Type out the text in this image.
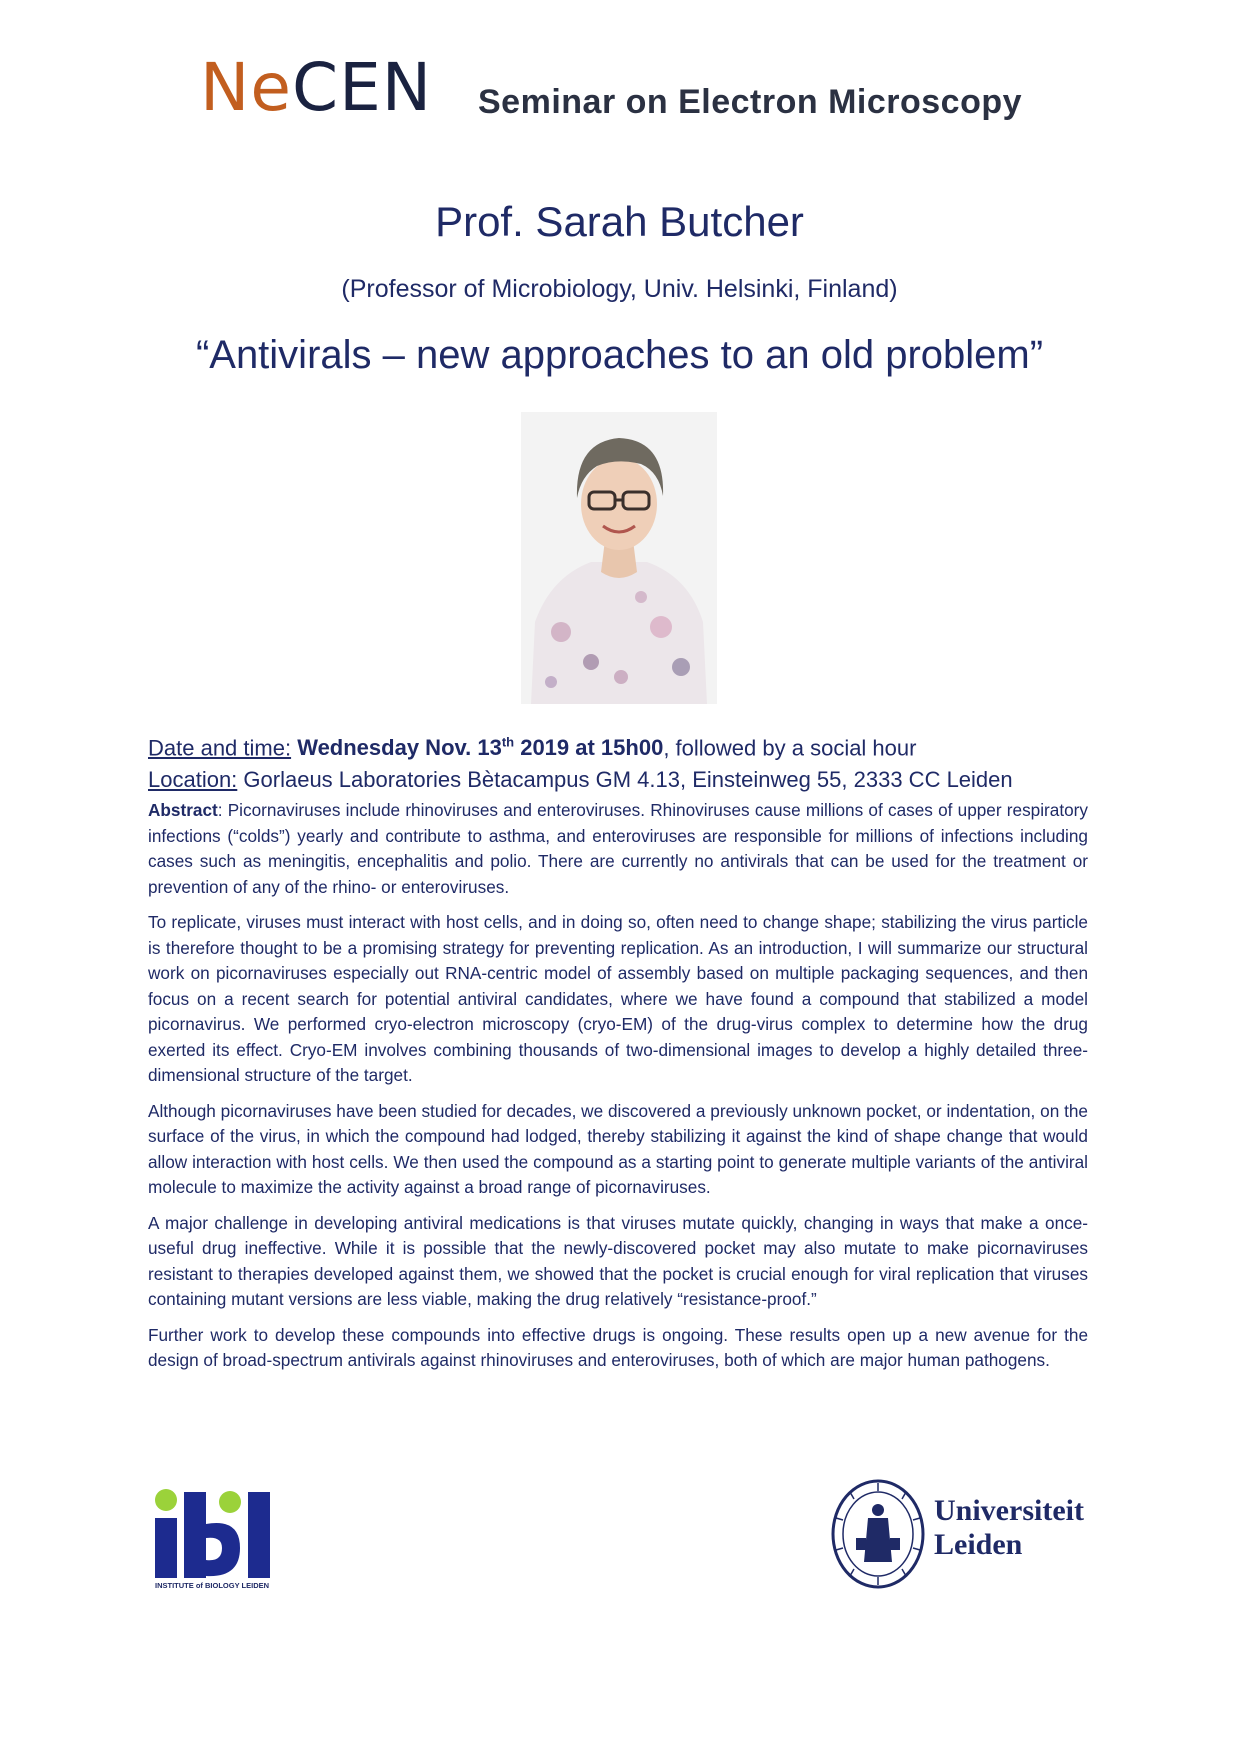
NeCEN Seminar on Electron Microscopy
Prof. Sarah Butcher
(Professor of Microbiology, Univ. Helsinki, Finland)
“Antivirals – new approaches to an old problem”
Date and time: Wednesday Nov. 13th 2019 at 15h00, followed by a social hour
Location: Gorlaeus Laboratories Bètacampus GM 4.13, Einsteinweg 55, 2333 CC Leiden

Abstract: Picornaviruses include rhinoviruses and enteroviruses. Rhinoviruses cause millions of cases of upper respiratory infections (“colds”) yearly and contribute to asthma, and enteroviruses are responsible for millions of infections including cases such as meningitis, encephalitis and polio. There are currently no antivirals that can be used for the treatment or prevention of any of the rhino- or enteroviruses.

To replicate, viruses must interact with host cells, and in doing so, often need to change shape; stabilizing the virus particle is therefore thought to be a promising strategy for preventing replication. As an introduction, I will summarize our structural work on picornaviruses especially out RNA-centric model of assembly based on multiple packaging sequences, and then focus on a recent search for potential antiviral candidates, where we have found a compound that stabilized a model picornavirus. We performed cryo-electron microscopy (cryo-EM) of the drug-virus complex to determine how the drug exerted its effect. Cryo-EM involves combining thousands of two-dimensional images to develop a highly detailed three-dimensional structure of the target.

Although picornaviruses have been studied for decades, we discovered a previously unknown pocket, or indentation, on the surface of the virus, in which the compound had lodged, thereby stabilizing it against the kind of shape change that would allow interaction with host cells. We then used the compound as a starting point to generate multiple variants of the antiviral molecule to maximize the activity against a broad range of picornaviruses.

A major challenge in developing antiviral medications is that viruses mutate quickly, changing in ways that make a once-useful drug ineffective. While it is possible that the newly-discovered pocket may also mutate to make picornaviruses resistant to therapies developed against them, we showed that the pocket is crucial enough for viral replication that viruses containing mutant versions are less viable, making the drug relatively “resistance-proof.”

Further work to develop these compounds into effective drugs is ongoing. These results open up a new avenue for the design of broad-spectrum antivirals against rhinoviruses and enteroviruses, both of which are major human pathogens.

INSTITUTE of BIOLOGY LEIDEN
Universiteit
Leiden
